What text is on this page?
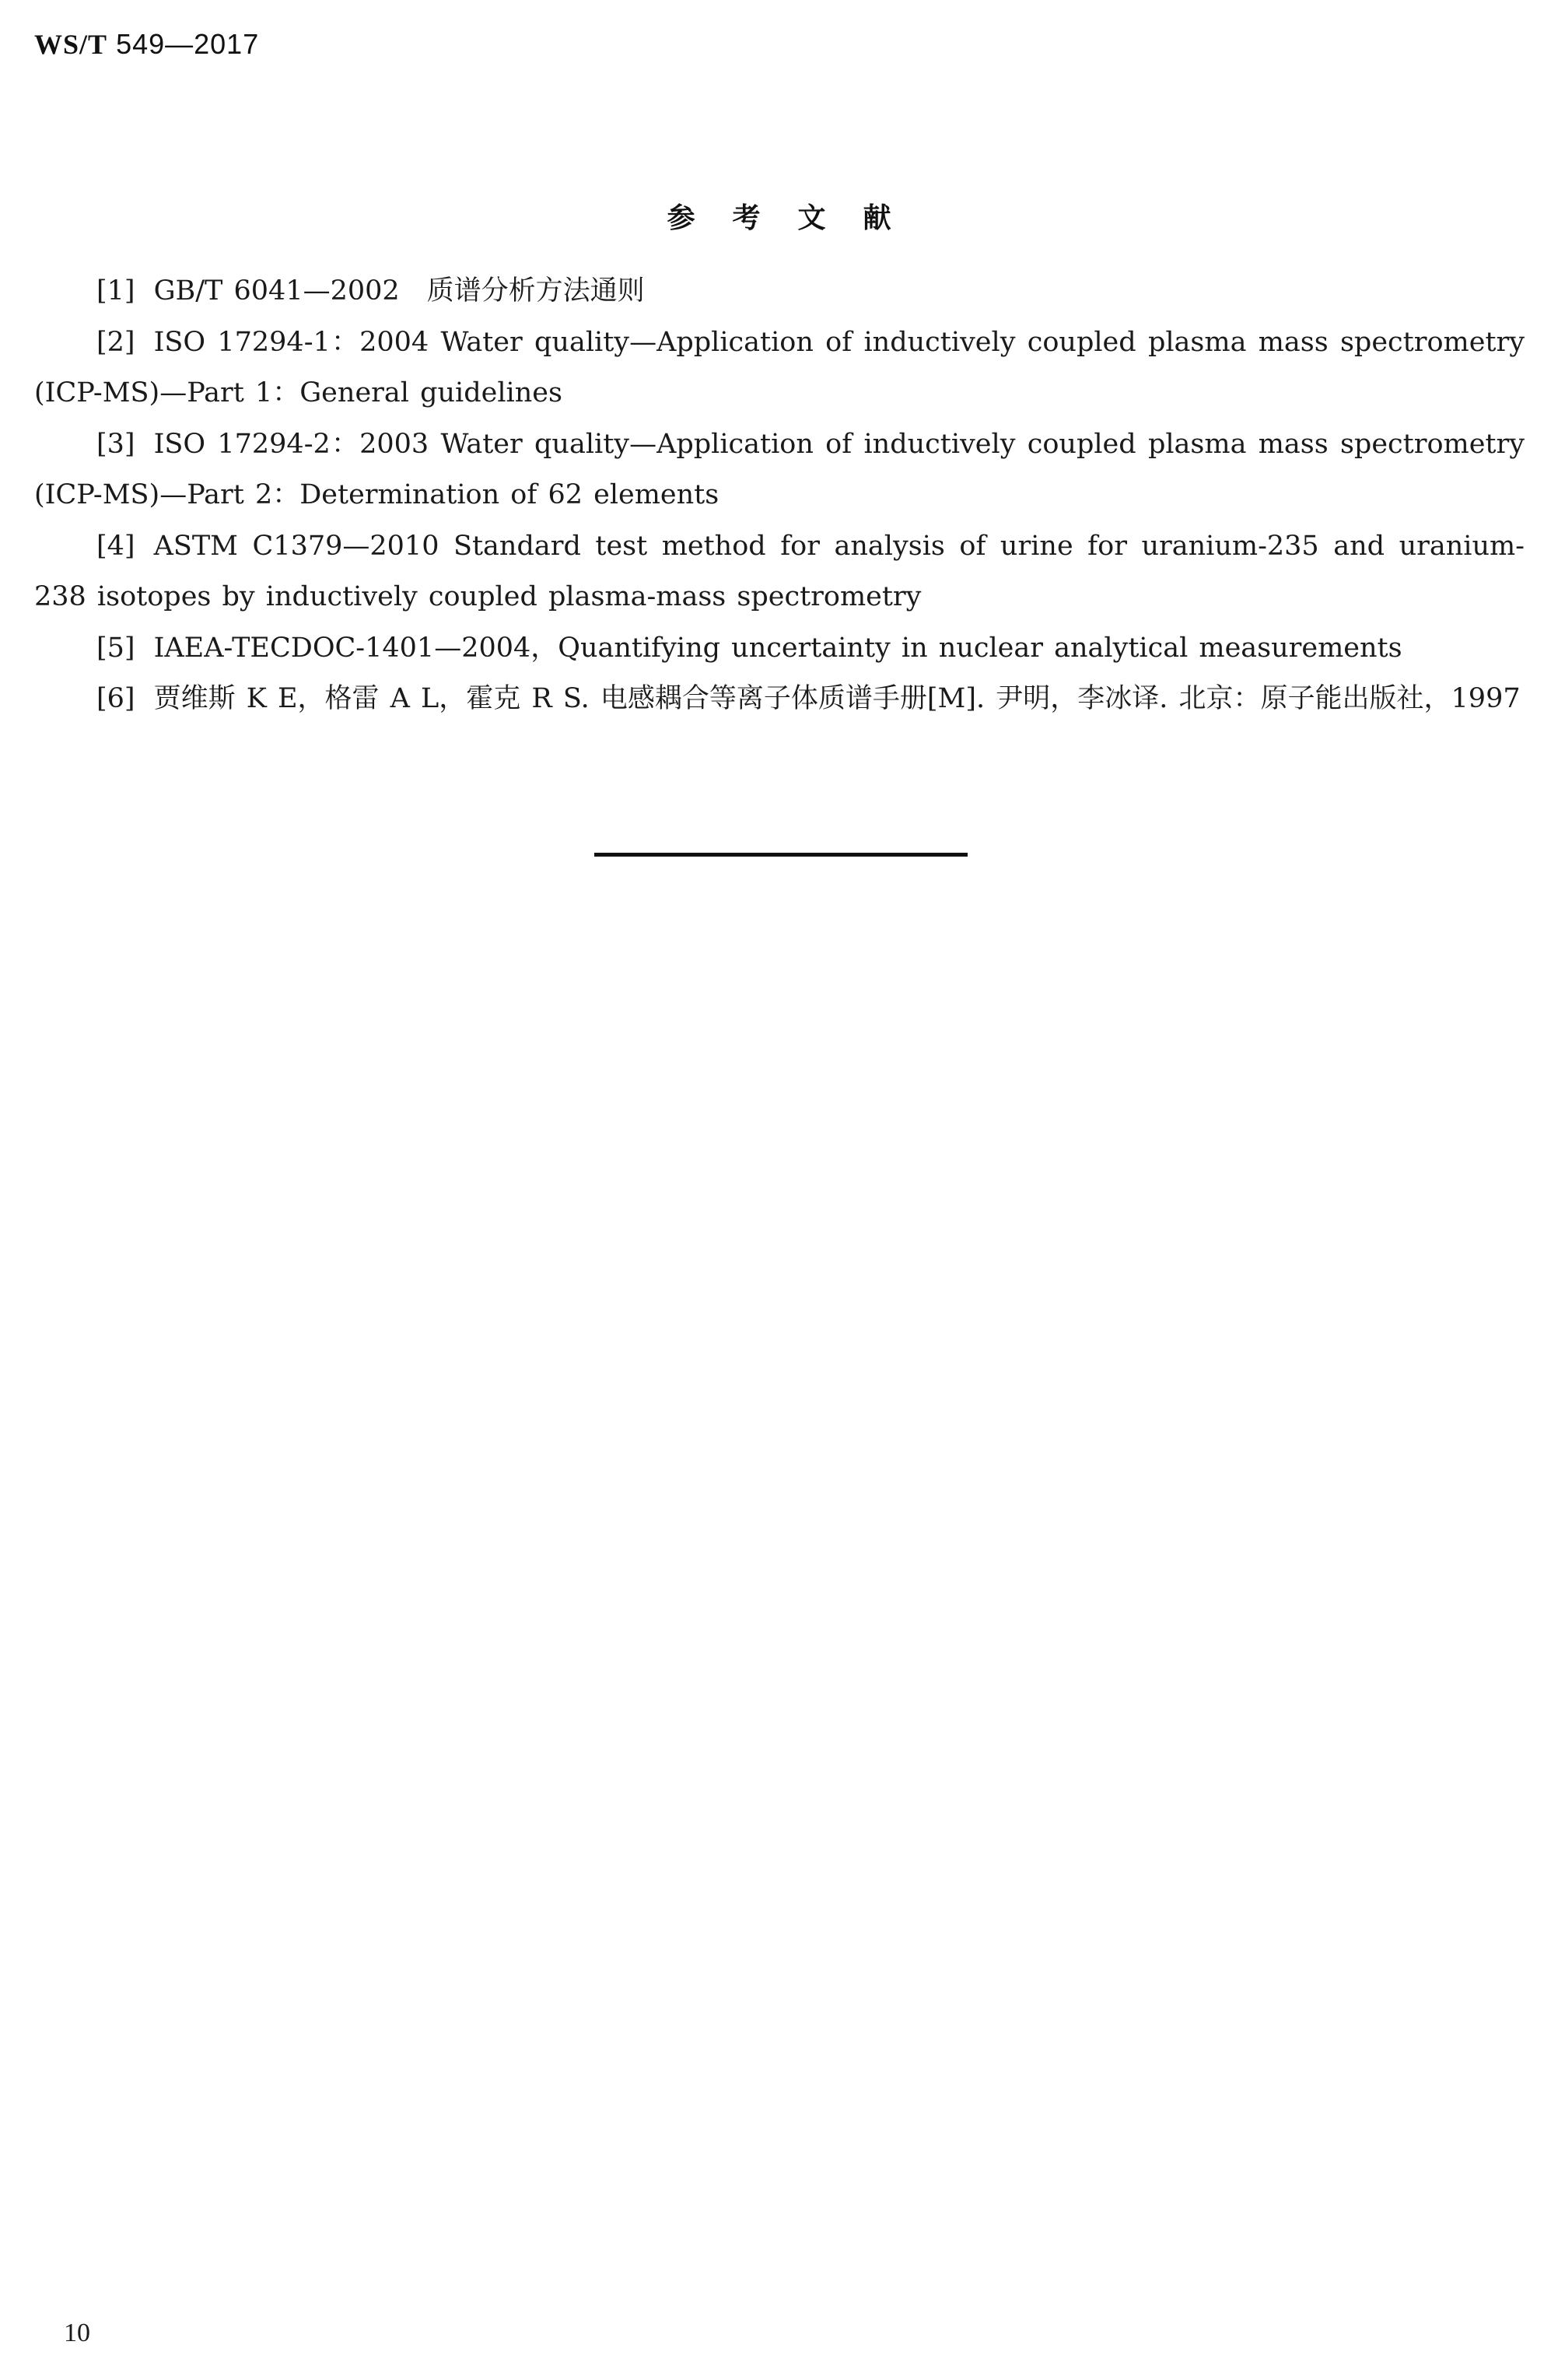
WS/T 549—2017
参考文献
[1] GB/T 6041—2002　质谱分析方法通则
[2] ISO 17294-1：2004 Water quality—Application of inductively coupled plasma mass spectrometry (ICP-MS)—Part 1：General guidelines
[3] ISO 17294-2：2003 Water quality—Application of inductively coupled plasma mass spectrometry (ICP-MS)—Part 2：Determination of 62 elements
[4] ASTM C1379—2010 Standard test method for analysis of urine for uranium-235 and uranium-238 isotopes by inductively coupled plasma-mass spectrometry
[5] IAEA-TECDOC-1401—2004，Quantifying uncertainty in nuclear analytical measurements
[6] 贾维斯 K E，格雷 A L，霍克 R S. 电感耦合等离子体质谱手册[M]. 尹明，李冰译. 北京：原子能出版社，1997
10
